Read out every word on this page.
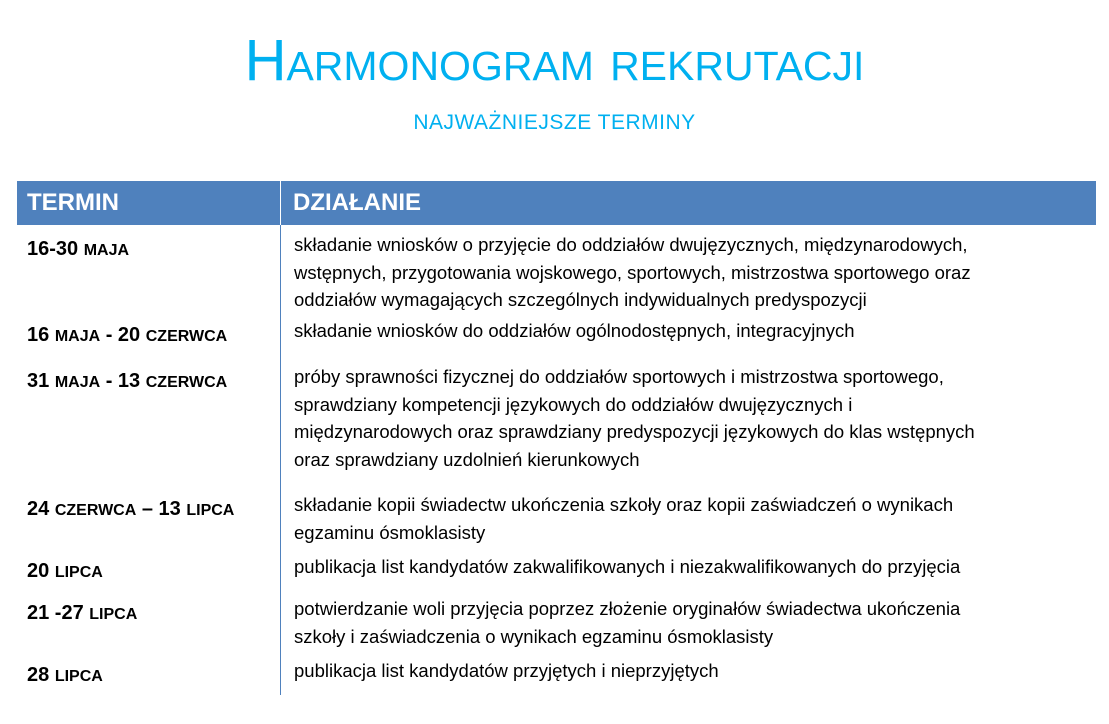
Harmonogram rekrutacji
NAJWAŻNIEJSZE TERMINY
TERMIN	DZIAŁANIE
16-30 MAJA	składanie wniosków o przyjęcie do oddziałów dwujęzycznych, międzynarodowych,
wstępnych, przygotowania wojskowego, sportowych, mistrzostwa sportowego oraz
oddziałów wymagających szczególnych indywidualnych predyspozycji
16 MAJA - 20 CZERWCA	składanie wniosków do oddziałów ogólnodostępnych, integracyjnych
31 MAJA - 13 CZERWCA	próby sprawności fizycznej do oddziałów sportowych i mistrzostwa sportowego,
sprawdziany kompetencji językowych do oddziałów dwujęzycznych i
międzynarodowych oraz sprawdziany predyspozycji językowych do klas wstępnych
oraz sprawdziany uzdolnień kierunkowych
24 CZERWCA – 13 LIPCA	składanie kopii świadectw ukończenia szkoły oraz kopii zaświadczeń o wynikach
egzaminu ósmoklasisty
20 LIPCA	publikacja list kandydatów zakwalifikowanych i niezakwalifikowanych do przyjęcia
21 -27 LIPCA	potwierdzanie woli przyjęcia poprzez złożenie oryginałów świadectwa ukończenia
szkoły i zaświadczenia o wynikach egzaminu ósmoklasisty
28 LIPCA	publikacja list kandydatów przyjętych i nieprzyjętych
